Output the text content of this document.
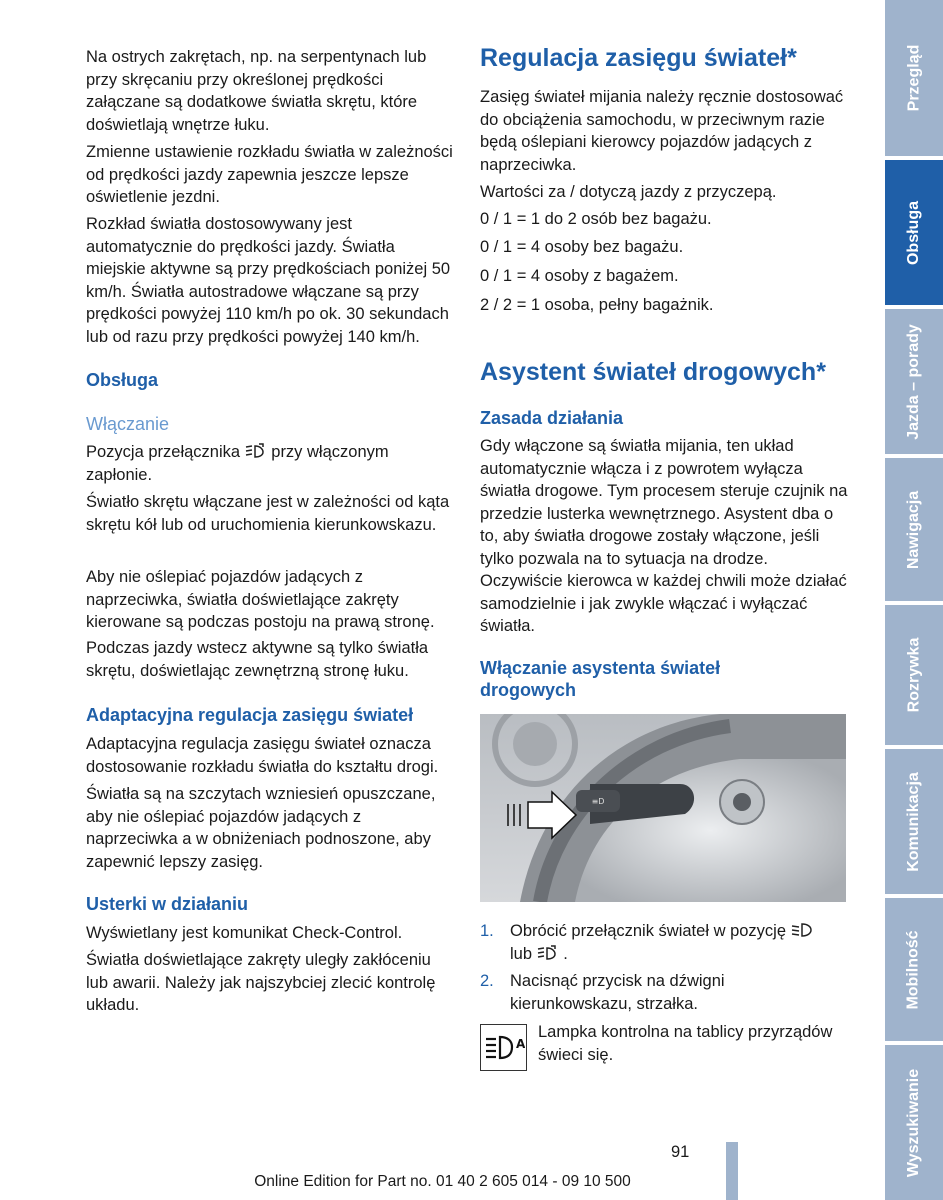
Na ostrych zakrętach, np. na serpentynach lub przy skręcaniu przy określonej prędkości załączane są dodatkowe światła skrętu, które doświetlają wnętrze łuku.

Zmienne ustawienie rozkładu światła w zależności od prędkości jazdy zapewnia jeszcze lepsze oświetlenie jezdni.

Rozkład światła dostosowywany jest automatycznie do prędkości jazdy. Światła miejskie aktywne są przy prędkościach poniżej 50 km/h. Światła autostradowe włączane są przy prędkości powyżej 110 km/h po ok. 30 sekundach lub od razu przy prędkości powyżej 140 km/h.

Obsługa
Włączanie

Pozycja przełącznika przy włączonym zapłonie.

Światło skrętu włączane jest w zależności od kąta skrętu kół lub od uruchomienia kierunkowskazu.

Aby nie oślepiać pojazdów jadących z naprzeciwka, światła doświetlające zakręty kierowane są podczas postoju na prawą stronę.

Podczas jazdy wstecz aktywne są tylko światła skrętu, doświetlając zewnętrzną stronę łuku.

Adaptacyjna regulacja zasięgu świateł

Adaptacyjna regulacja zasięgu świateł oznacza dostosowanie rozkładu światła do kształtu drogi.

Światła są na szczytach wzniesień opuszczane, aby nie oślepiać pojazdów jadących z naprzeciwka a w obniżeniach podnoszone, aby zapewnić lepszy zasięg.

Usterki w działaniu

Wyświetlany jest komunikat Check-Control.

Światła doświetlające zakręty uległy zakłóceniu lub awarii. Należy jak najszybciej zlecić kontrolę układu.

Regulacja zasięgu świateł*

Zasięg świateł mijania należy ręcznie dostosować do obciążenia samochodu, w przeciwnym razie będą oślepiani kierowcy pojazdów jadących z naprzeciwka.

Wartości za / dotyczą jazdy z przyczepą.

0 / 1 = 1 do 2 osób bez bagażu.

0 / 1 = 4 osoby bez bagażu.

0 / 1 = 4 osoby z bagażem.

2 / 2 = 1 osoba, pełny bagażnik.

Asystent świateł drogowych*
Zasada działania

Gdy włączone są światła mijania, ten układ automatycznie włącza i z powrotem wyłącza światła drogowe. Tym procesem steruje czujnik na przedzie lusterka wewnętrznego. Asystent dba o to, aby światła drogowe zostały włączone, jeśli tylko pozwala na to sytuacja na drodze. Oczywiście kierowca w każdej chwili może działać samodzielnie i jak zwykle włączać i wyłączać światła.

Włączanie asystenta świateł drogowych
≡D
1. Obrócić przełącznik świateł w pozycję
lub .

2. Nacisnąć przycisk na dźwigni kierunkowskazu, strzałka.

A

Lampka kontrolna na tablicy przyrządów świeci się.

Przegląd
Obsługa
Jazda – porady
Nawigacja
Rozrywka
Komunikacja
Mobilność
Wyszukiwanie
91
Online Edition for Part no. 01 40 2 605 014 - 09 10 500
